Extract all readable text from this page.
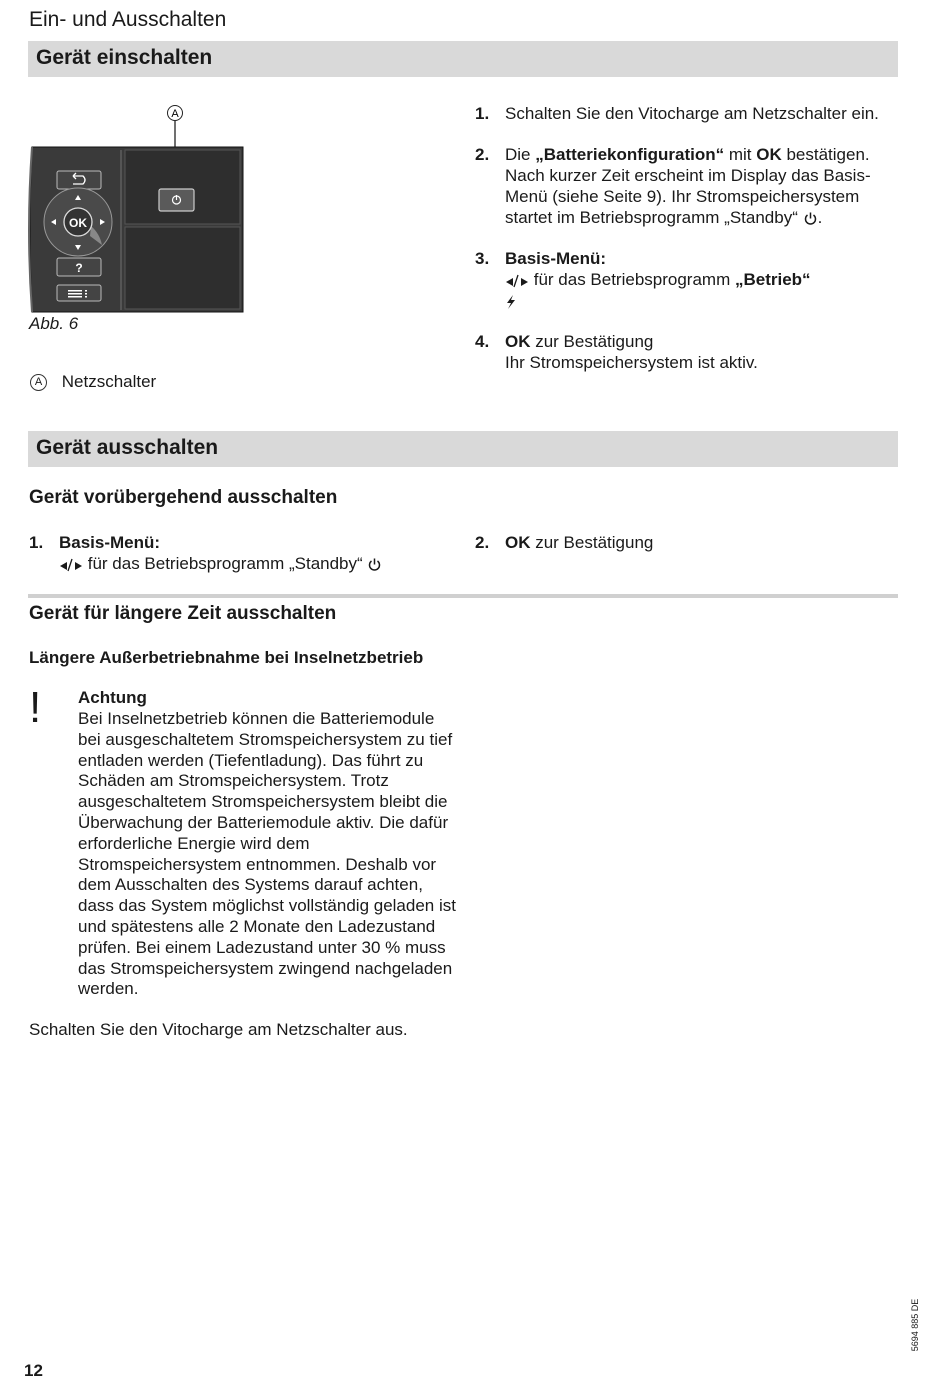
Ein- und Ausschalten
Gerät einschalten
A
OK
?
Abb. 6
A Netzschalter
1. Schalten Sie den Vitocharge am Netzschalter ein.
2. Die „Batteriekonfiguration“ mit OK bestätigen.
Nach kurzer Zeit erscheint im Display das Basis-Menü (siehe Seite 9). Ihr Stromspeichersystem startet im Betriebsprogramm „Standby“ .
3. Basis-Menü:
für das Betriebsprogramm „Betrieb“

4. OK zur Bestätigung
Ihr Stromspeichersystem ist aktiv.
Gerät ausschalten
Gerät vorübergehend ausschalten
1. Basis-Menü:
für das Betriebsprogramm „Standby“
2. OK zur Bestätigung
Gerät für längere Zeit ausschalten
Längere Außerbetriebnahme bei Inselnetzbetrieb
! Achtung
Bei Inselnetzbetrieb können die Batteriemodule bei ausgeschaltetem Stromspeichersystem zu tief entladen werden (Tiefentladung). Das führt zu Schäden am Stromspeichersystem. Trotz ausgeschaltetem Stromspeichersystem bleibt die Überwachung der Batteriemodule aktiv. Die dafür erforderliche Energie wird dem Stromspeichersystem entnommen. Deshalb vor dem Ausschalten des Systems darauf achten, dass das System möglichst vollständig geladen ist und spätestens alle 2 Monate den Ladezustand prüfen. Bei einem Ladezustand unter 30 % muss das Stromspeichersystem zwingend nachgeladen werden.
Schalten Sie den Vitocharge am Netzschalter aus.
12
5694 885 DE
